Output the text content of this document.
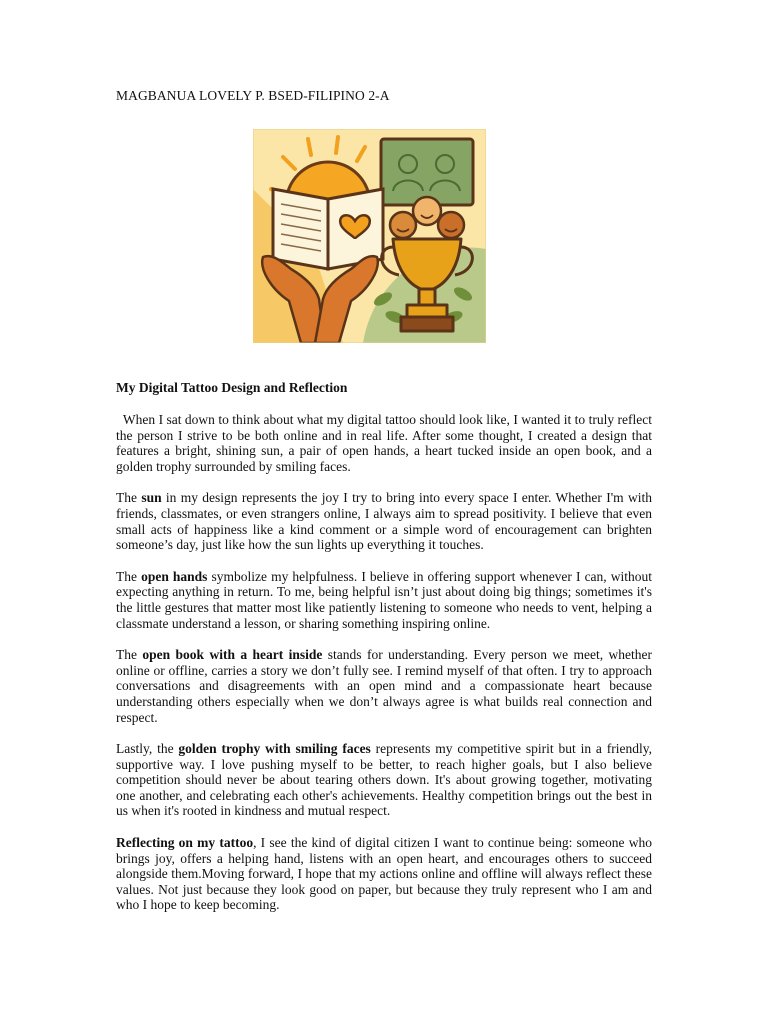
MAGBANUA LOVELY P. BSED-FILIPINO 2-A
My Digital Tattoo Design and Reflection

When I sat down to think about what my digital tattoo should look like, I wanted it to truly reflect the person I strive to be both online and in real life. After some thought, I created a design that features a bright, shining sun, a pair of open hands, a heart tucked inside an open book, and a golden trophy surrounded by smiling faces.

The sun in my design represents the joy I try to bring into every space I enter. Whether I'm with friends, classmates, or even strangers online, I always aim to spread positivity. I believe that even small acts of happiness like a kind comment or a simple word of encouragement can brighten someone’s day, just like how the sun lights up everything it touches.

The open hands symbolize my helpfulness. I believe in offering support whenever I can, without expecting anything in return. To me, being helpful isn’t just about doing big things; sometimes it's the little gestures that matter most like patiently listening to someone who needs to vent, helping a classmate understand a lesson, or sharing something inspiring online.

The open book with a heart inside stands for understanding. Every person we meet, whether online or offline, carries a story we don’t fully see. I remind myself of that often. I try to approach conversations and disagreements with an open mind and a compassionate heart because understanding others especially when we don’t always agree is what builds real connection and respect.

Lastly, the golden trophy with smiling faces represents my competitive spirit but in a friendly, supportive way. I love pushing myself to be better, to reach higher goals, but I also believe competition should never be about tearing others down. It's about growing together, motivating one another, and celebrating each other's achievements. Healthy competition brings out the best in us when it's rooted in kindness and mutual respect.

Reflecting on my tattoo, I see the kind of digital citizen I want to continue being: someone who brings joy, offers a helping hand, listens with an open heart, and encourages others to succeed alongside them.Moving forward, I hope that my actions online and offline will always reflect these values. Not just because they look good on paper, but because they truly represent who I am and who I hope to keep becoming.
